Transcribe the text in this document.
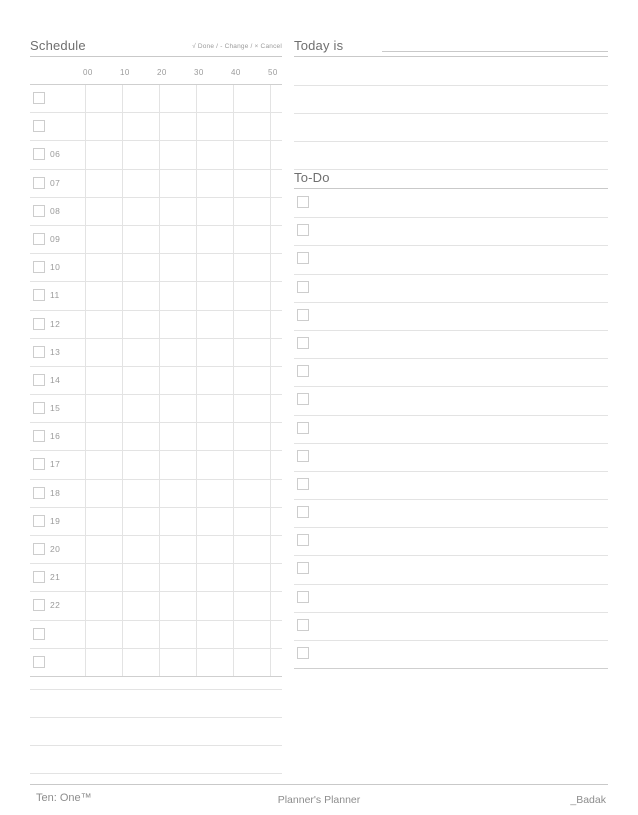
Schedule	√ Done / - Change / × Cancel
00	10	20	30	40	50
06
07
08
09
10
11
12
13
14
15
16
17
18
19
20
21
22
Today is
To-Do
Ten: One™	Planner's Planner	_Badak
